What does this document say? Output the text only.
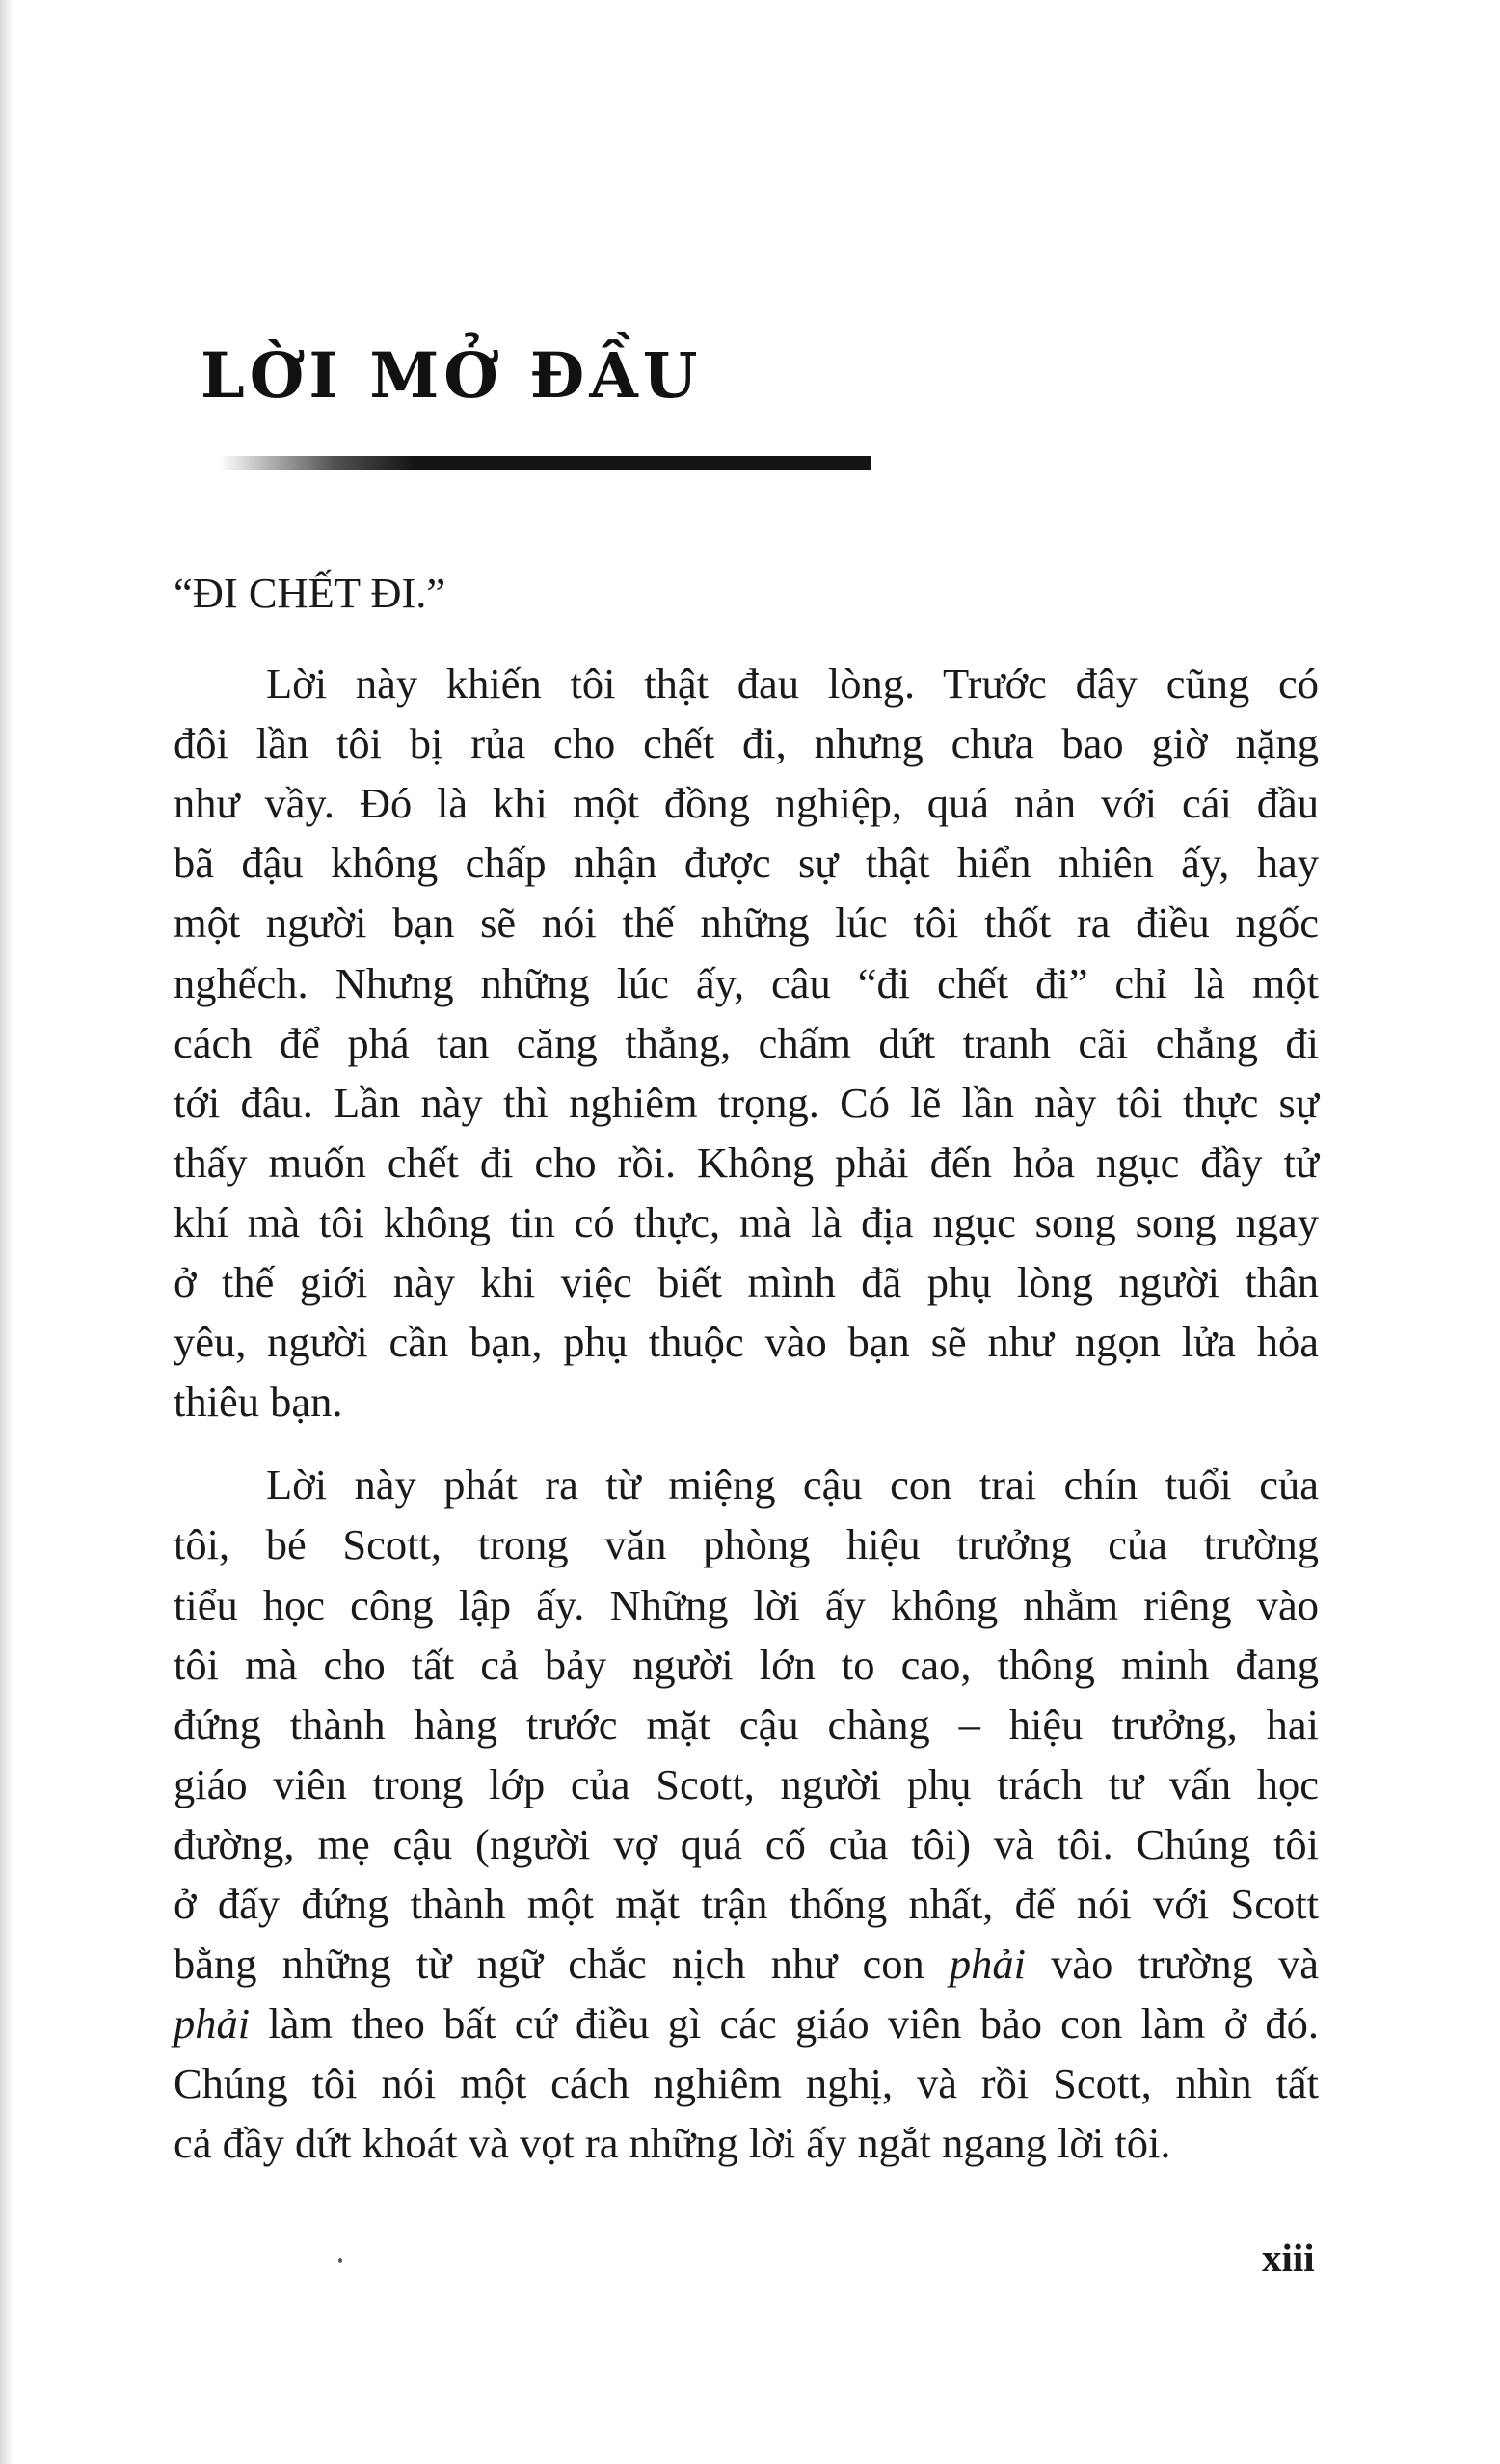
LỜI MỞ ĐẦU

“ĐI CHẾT ĐI.”

Lời này khiến tôi thật đau lòng. Trước đây cũng có
đôi lần tôi bị rủa cho chết đi, nhưng chưa bao giờ nặng
như vầy. Đó là khi một đồng nghiệp, quá nản với cái đầu
bã đậu không chấp nhận được sự thật hiển nhiên ấy, hay
một người bạn sẽ nói thế những lúc tôi thốt ra điều ngốc
nghếch. Nhưng những lúc ấy, câu “đi chết đi” chỉ là một
cách để phá tan căng thẳng, chấm dứt tranh cãi chẳng đi
tới đâu. Lần này thì nghiêm trọng. Có lẽ lần này tôi thực sự
thấy muốn chết đi cho rồi. Không phải đến hỏa ngục đầy tử
khí mà tôi không tin có thực, mà là địa ngục song song ngay
ở thế giới này khi việc biết mình đã phụ lòng người thân
yêu, người cần bạn, phụ thuộc vào bạn sẽ như ngọn lửa hỏa
thiêu bạn.

Lời này phát ra từ miệng cậu con trai chín tuổi của
tôi, bé Scott, trong văn phòng hiệu trưởng của trường
tiểu học công lập ấy. Những lời ấy không nhằm riêng vào
tôi mà cho tất cả bảy người lớn to cao, thông minh đang
đứng thành hàng trước mặt cậu chàng – hiệu trưởng, hai
giáo viên trong lớp của Scott, người phụ trách tư vấn học
đường, mẹ cậu (người vợ quá cố của tôi) và tôi. Chúng tôi
ở đấy đứng thành một mặt trận thống nhất, để nói với Scott
bằng những từ ngữ chắc nịch như con phải vào trường và
phải làm theo bất cứ điều gì các giáo viên bảo con làm ở đó.
Chúng tôi nói một cách nghiêm nghị, và rồi Scott, nhìn tất
cả đầy dứt khoát và vọt ra những lời ấy ngắt ngang lời tôi.

xiii
